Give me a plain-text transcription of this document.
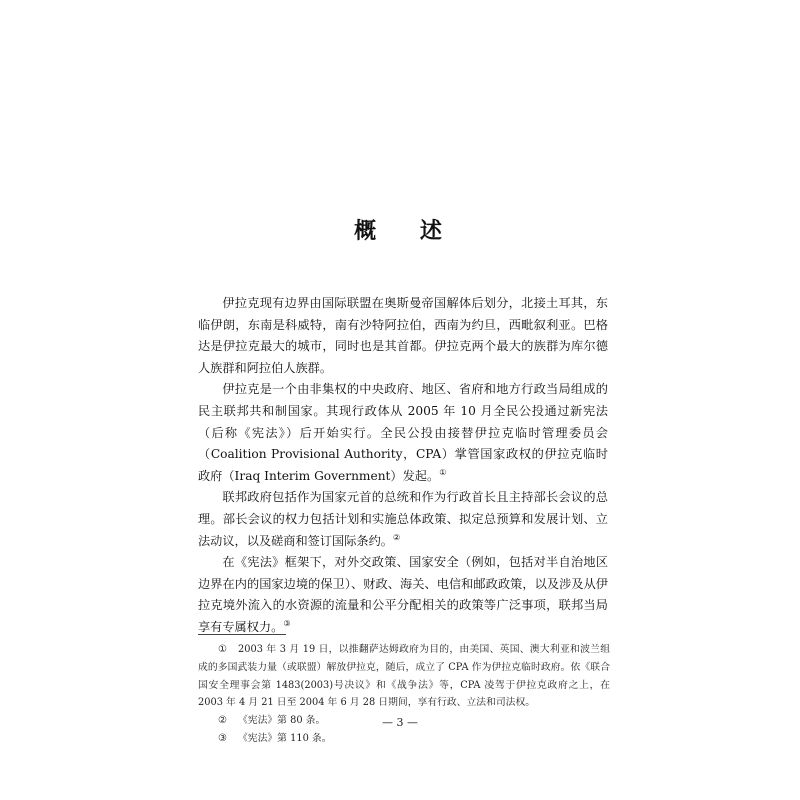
概 述

伊拉克现有边界由国际联盟在奥斯曼帝国解体后划分，北接土耳其，东临伊朗，东南是科威特，南有沙特阿拉伯，西南为约旦，西毗叙利亚。巴格达是伊拉克最大的城市，同时也是其首都。伊拉克两个最大的族群为库尔德人族群和阿拉伯人族群。

伊拉克是一个由非集权的中央政府、地区、省府和地方行政当局组成的民主联邦共和制国家。其现行政体从 2005 年 10 月全民公投通过新宪法（后称《宪法》）后开始实行。全民公投由接替伊拉克临时管理委员会（Coalition Provisional Authority，CPA）掌管国家政权的伊拉克临时政府（Iraq Interim Government）发起。①

联邦政府包括作为国家元首的总统和作为行政首长且主持部长会议的总理。部长会议的权力包括计划和实施总体政策、拟定总预算和发展计划、立法动议，以及磋商和签订国际条约。②

在《宪法》框架下，对外交政策、国家安全（例如，包括对半自治地区边界在内的国家边境的保卫）、财政、海关、电信和邮政政策，以及涉及从伊拉克境外流入的水资源的流量和公平分配相关的政策等广泛事项，联邦当局享有专属权力。③

① 2003 年 3 月 19 日，以推翻萨达姆政府为目的，由美国、英国、澳大利亚和波兰组成的多国武装力量（或联盟）解放伊拉克，随后，成立了 CPA 作为伊拉克临时政府。依《联合国安全理事会第 1483(2003)号决议》和《战争法》等，CPA 凌驾于伊拉克政府之上，在 2003 年 4 月 21 日至 2004 年 6 月 28 日期间，享有行政、立法和司法权。

② 《宪法》第 80 条。

③ 《宪法》第 110 条。

— 3 —
